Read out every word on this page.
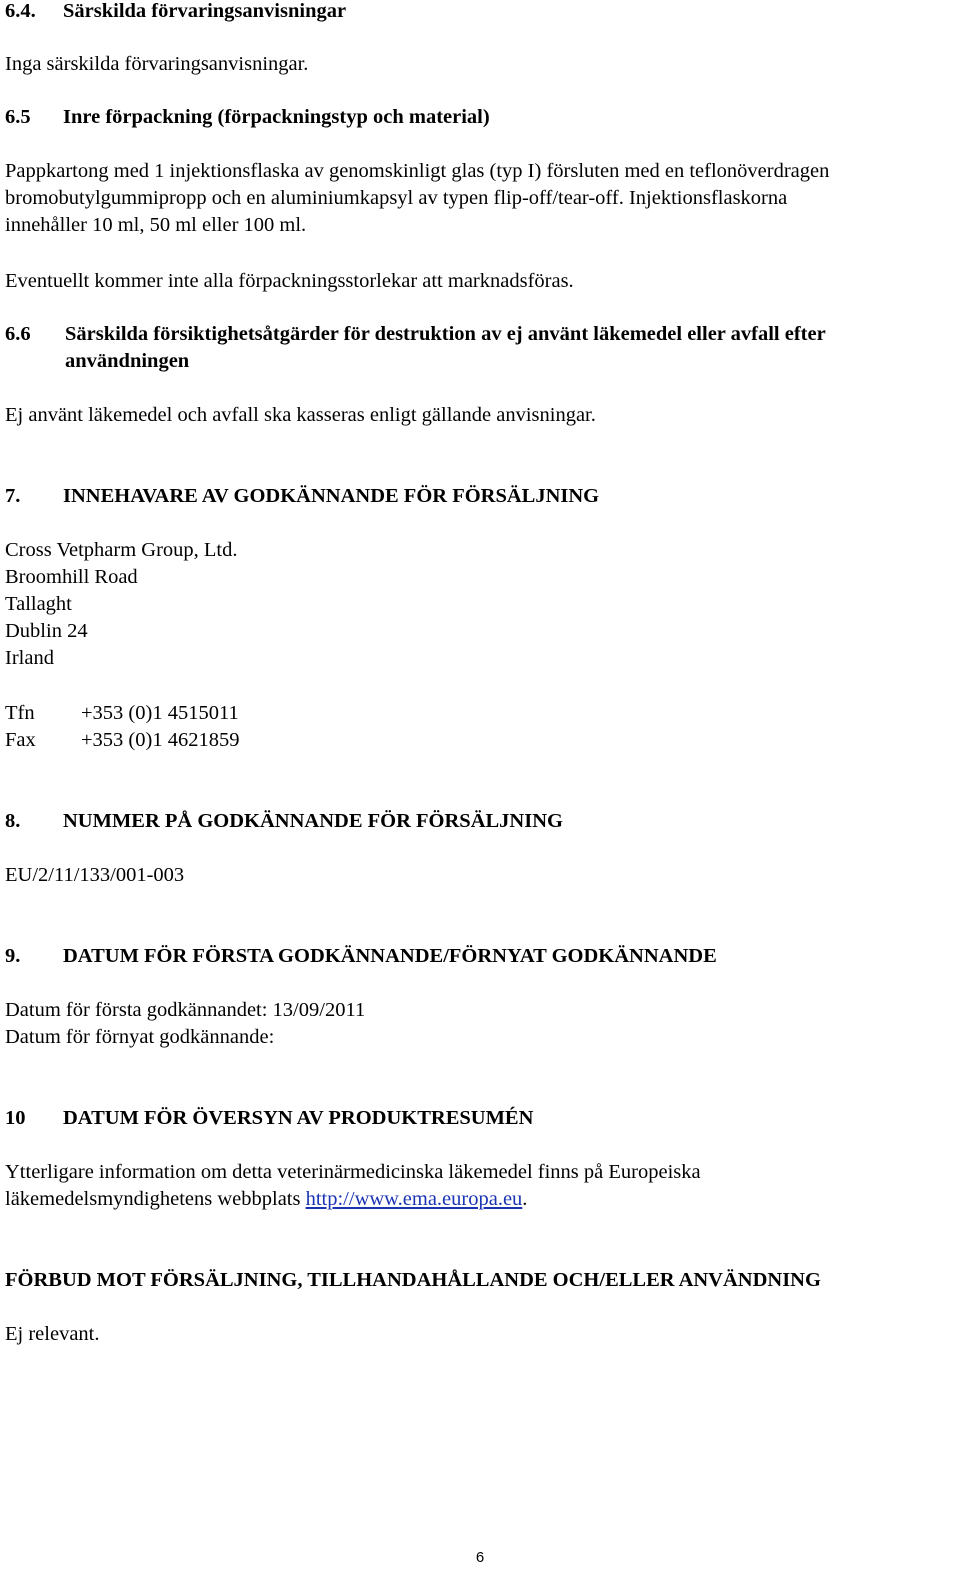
6.4. Särskilda förvaringsanvisningar
Inga särskilda förvaringsanvisningar.
6.5 Inre förpackning (förpackningstyp och material)
Pappkartong med 1 injektionsflaska av genomskinligt glas (typ I) försluten med en teflonöverdragen
bromobutylgummipropp och en aluminiumkapsyl av typen flip-off/tear-off. Injektionsflaskorna
innehåller 10 ml, 50 ml eller 100 ml.
Eventuellt kommer inte alla förpackningsstorlekar att marknadsföras.
6.6 Särskilda försiktighetsåtgärder för destruktion av ej använt läkemedel eller avfall efter
användningen
Ej använt läkemedel och avfall ska kasseras enligt gällande anvisningar.
7. INNEHAVARE AV GODKÄNNANDE FÖR FÖRSÄLJNING
Cross Vetpharm Group, Ltd.
Broomhill Road
Tallaght
Dublin 24
Irland
Tfn +353 (0)1 4515011
Fax +353 (0)1 4621859
8. NUMMER PÅ GODKÄNNANDE FÖR FÖRSÄLJNING
EU/2/11/133/001-003
9. DATUM FÖR FÖRSTA GODKÄNNANDE/FÖRNYAT GODKÄNNANDE
Datum för första godkännandet: 13/09/2011
Datum för förnyat godkännande:
10 DATUM FÖR ÖVERSYN AV PRODUKTRESUMÉN
Ytterligare information om detta veterinärmedicinska läkemedel finns på Europeiska
läkemedelsmyndighetens webbplats http://www.ema.europa.eu.
FÖRBUD MOT FÖRSÄLJNING, TILLHANDAHÅLLANDE OCH/ELLER ANVÄNDNING
Ej relevant.
6
